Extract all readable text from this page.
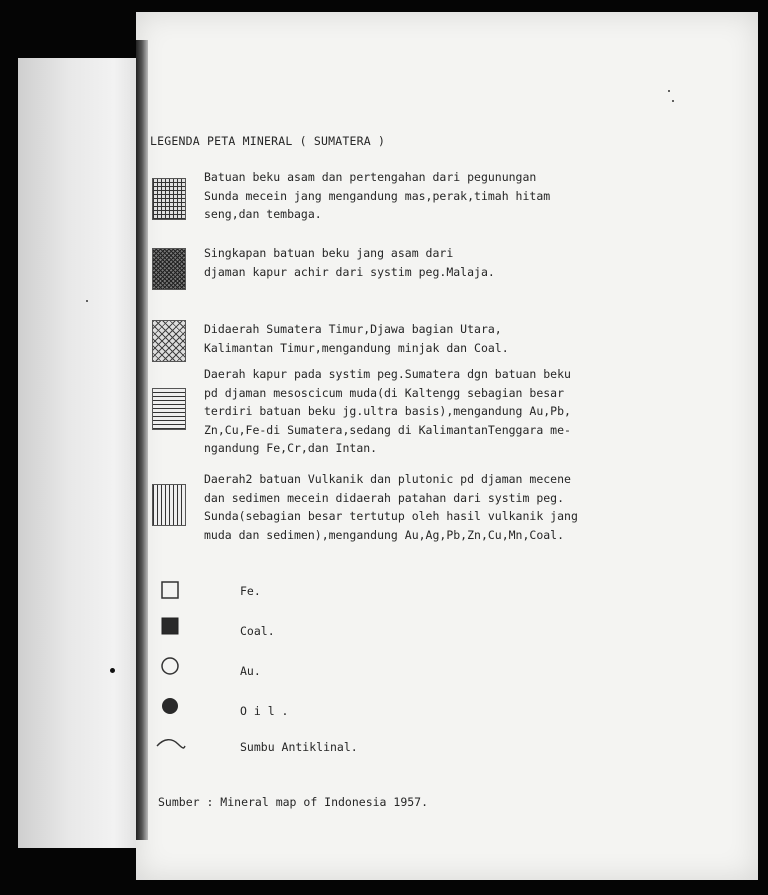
LEGENDA PETA MINERAL ( SUMATERA )
Batuan beku asam dan pertengahan dari pegunungan
Sunda mecein jang mengandung mas,perak,timah hitam
seng,dan tembaga.
Singkapan batuan beku jang asam dari
djaman kapur achir dari systim peg.Malaja.
Didaerah Sumatera Timur,Djawa bagian Utara,
Kalimantan Timur,mengandung minjak dan Coal.
Daerah kapur pada systim peg.Sumatera dgn batuan beku
pd djaman mesoscicum muda(di Kaltengg sebagian besar
terdiri batuan beku jg.ultra basis),mengandung Au,Pb,
Zn,Cu,Fe-di Sumatera,sedang di KalimantanTenggara me-
ngandung Fe,Cr,dan Intan.
Daerah2 batuan Vulkanik dan plutonic pd djaman mecene
dan sedimen mecein didaerah patahan dari systim peg.
Sunda(sebagian besar tertutup oleh hasil vulkanik jang
muda dan sedimen),mengandung Au,Ag,Pb,Zn,Cu,Mn,Coal.
Fe.
Coal.
Au.
O i l .
Sumbu Antiklinal.
Sumber : Mineral map of Indonesia 1957.
